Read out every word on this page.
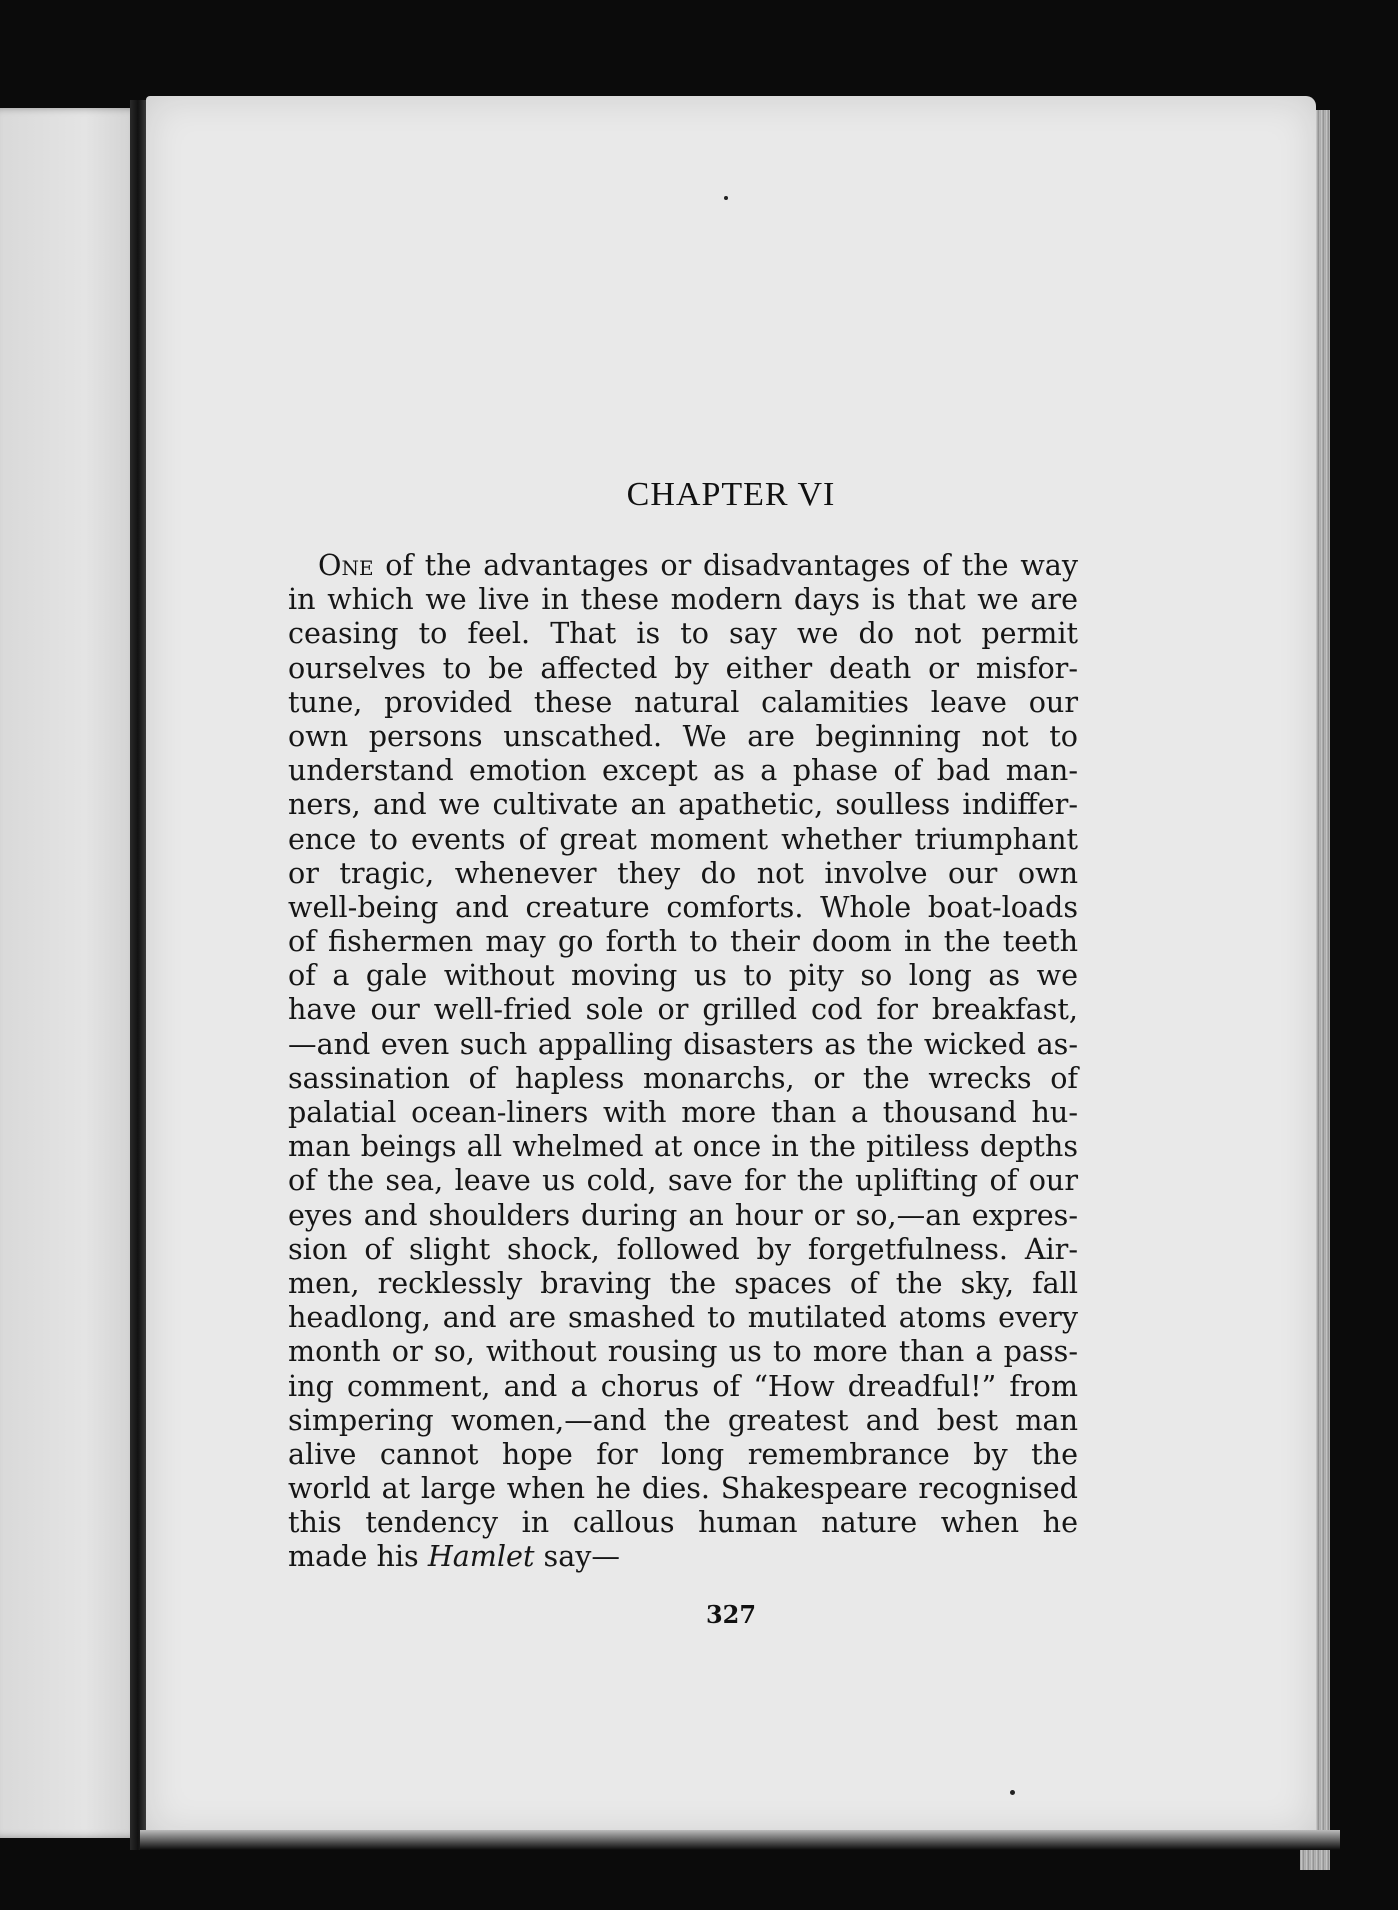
CHAPTER VI
One of the advantages or disadvantages of the way
in which we live in these modern days is that we are
ceasing to feel. That is to say we do not permit
ourselves to be affected by either death or misfor-
tune, provided these natural calamities leave our
own persons unscathed. We are beginning not to
understand emotion except as a phase of bad man-
ners, and we cultivate an apathetic, soulless indiffer-
ence to events of great moment whether triumphant
or tragic, whenever they do not involve our own
well-being and creature comforts. Whole boat-loads
of fishermen may go forth to their doom in the teeth
of a gale without moving us to pity so long as we
have our well-fried sole or grilled cod for breakfast,
—and even such appalling disasters as the wicked as-
sassination of hapless monarchs, or the wrecks of
palatial ocean-liners with more than a thousand hu-
man beings all whelmed at once in the pitiless depths
of the sea, leave us cold, save for the uplifting of our
eyes and shoulders during an hour or so,—an expres-
sion of slight shock, followed by forgetfulness. Air-
men, recklessly braving the spaces of the sky, fall
headlong, and are smashed to mutilated atoms every
month or so, without rousing us to more than a pass-
ing comment, and a chorus of “How dreadful!” from
simpering women,—and the greatest and best man
alive cannot hope for long remembrance by the
world at large when he dies. Shakespeare recognised
this tendency in callous human nature when he
made his Hamlet say—
327
